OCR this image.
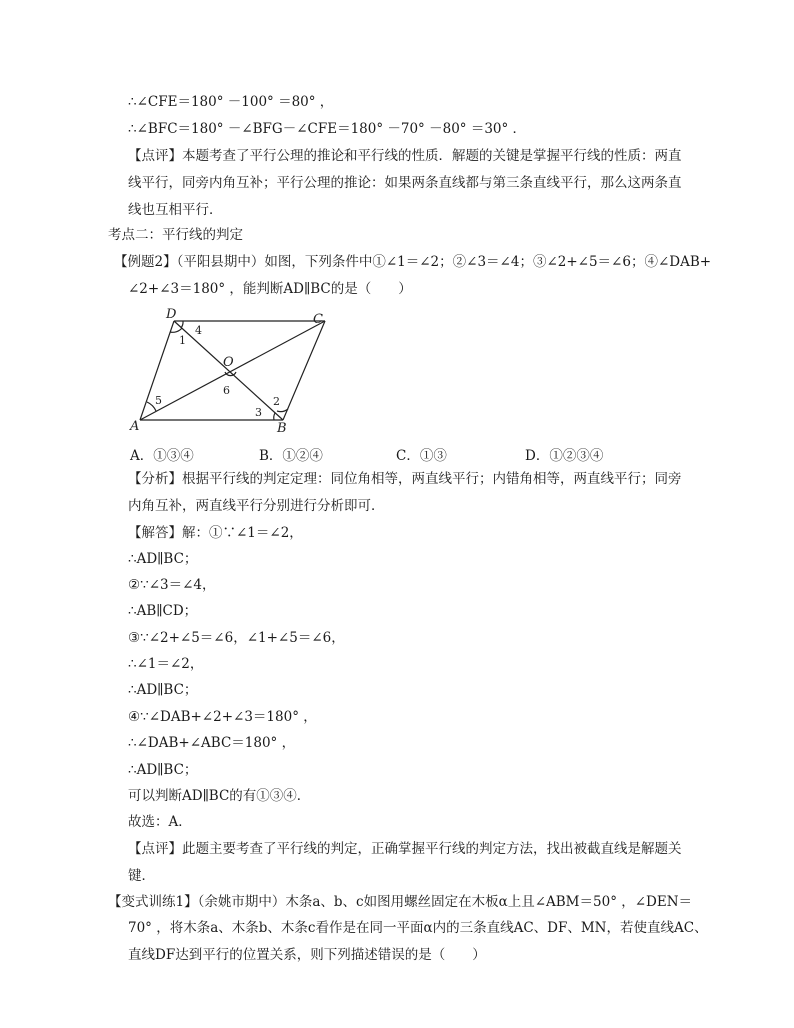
∴∠CFE＝180° －100° ＝80° ，
∴∠BFC＝180° －∠BFG－∠CFE＝180° －70° －80° ＝30° ．
【点评】本题考查了平行公理的推论和平行线的性质．解题的关键是掌握平行线的性质：两直
线平行，同旁内角互补；平行公理的推论：如果两条直线都与第三条直线平行，那么这两条直
线也互相平行．
考点二：平行线的判定
【例题2】（平阳县期中）如图，下列条件中①∠1＝∠2；②∠3＝∠4；③∠2+∠5＝∠6；④∠DAB+
∠2+∠3＝180° ，能判断AD∥BC的是（　　）
D	C
A	B
O
4
1
6
5	2
3
A．①③④	B．①②④	C．①③	D．①②③④
【分析】根据平行线的判定定理：同位角相等，两直线平行；内错角相等，两直线平行；同旁
内角互补，两直线平行分别进行分析即可．
【解答】解：①∵∠1＝∠2，
∴AD∥BC；
②∵∠3＝∠4，
∴AB∥CD；
③∵∠2+∠5＝∠6，∠1+∠5＝∠6，
∴∠1＝∠2，
∴AD∥BC；
④∵∠DAB+∠2+∠3＝180° ，
∴∠DAB+∠ABC＝180° ，
∴AD∥BC；
可以判断AD∥BC的有①③④．
故选：A．
【点评】此题主要考查了平行线的判定，正确掌握平行线的判定方法，找出被截直线是解题关
键．
【变式训练1】（余姚市期中）木条a、b、c如图用螺丝固定在木板α上且∠ABM＝50° ，∠DEN＝
70° ，将木条a、木条b、木条c看作是在同一平面α内的三条直线AC、DF、MN，若使直线AC、
直线DF达到平行的位置关系，则下列描述错误的是（　　）
